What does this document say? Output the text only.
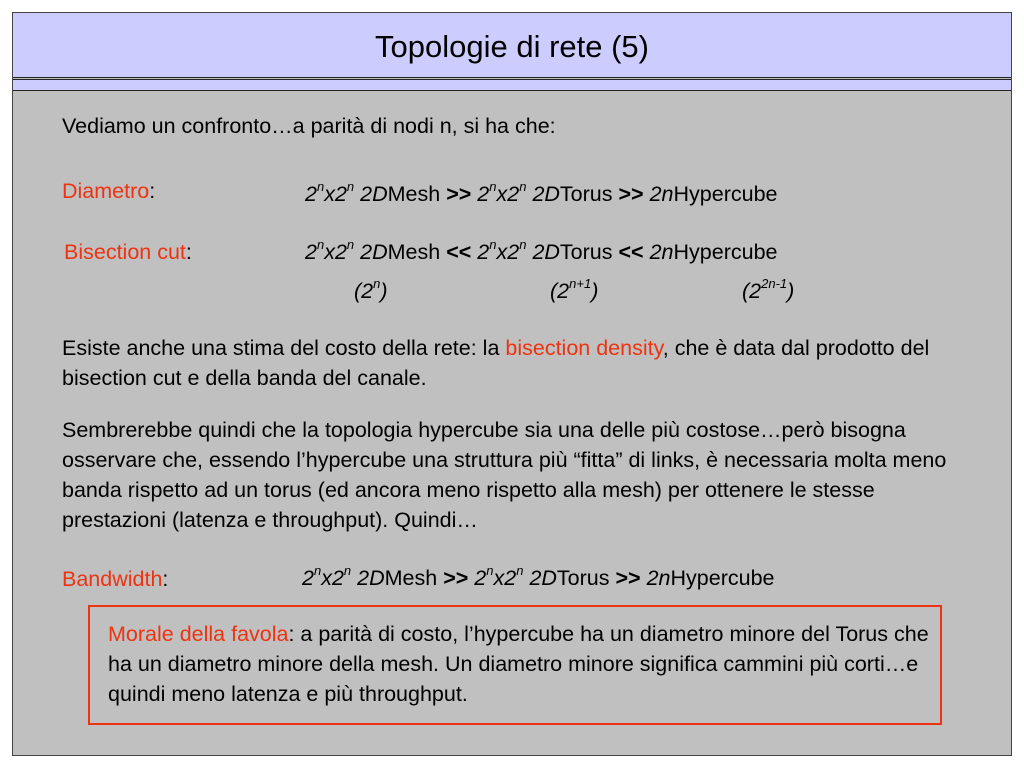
Topologie di rete (5)
Vediamo un confronto…a parità di nodi n, si ha che:
Diametro:	2$^n$x2$^n$ 2DMesh >> $2^nx2^n$ 2DTorus >> 2nHypercube
Bisection cut:	2$^n$x2$^n$ 2DMesh << $2^nx2^n$ 2DTorus << 2nHypercube
(2$^n$)	$(2^{n+1})$	$(2^{2n-1})$
Esiste anche una stima del costo della rete: la bisection density, che è data dal prodotto del bisection cut e della banda del canale.
Sembrerebbe quindi che la topologia hypercube sia una delle più costose…però bisogna osservare che, essendo l’hypercube una struttura più “fitta” di links, è necessaria molta meno banda rispetto ad un torus (ed ancora meno rispetto alla mesh) per ottenere le stesse prestazioni (latenza e throughput). Quindi…
Bandwidth:	2$^n$x2$^n$ 2DMesh >> $2^nx2^n$ 2DTorus >> 2nHypercube
Morale della favola: a parità di costo, l’hypercube ha un diametro minore del Torus che ha un diametro minore della mesh. Un diametro minore significa cammini più corti…e quindi meno latenza e più throughput.
